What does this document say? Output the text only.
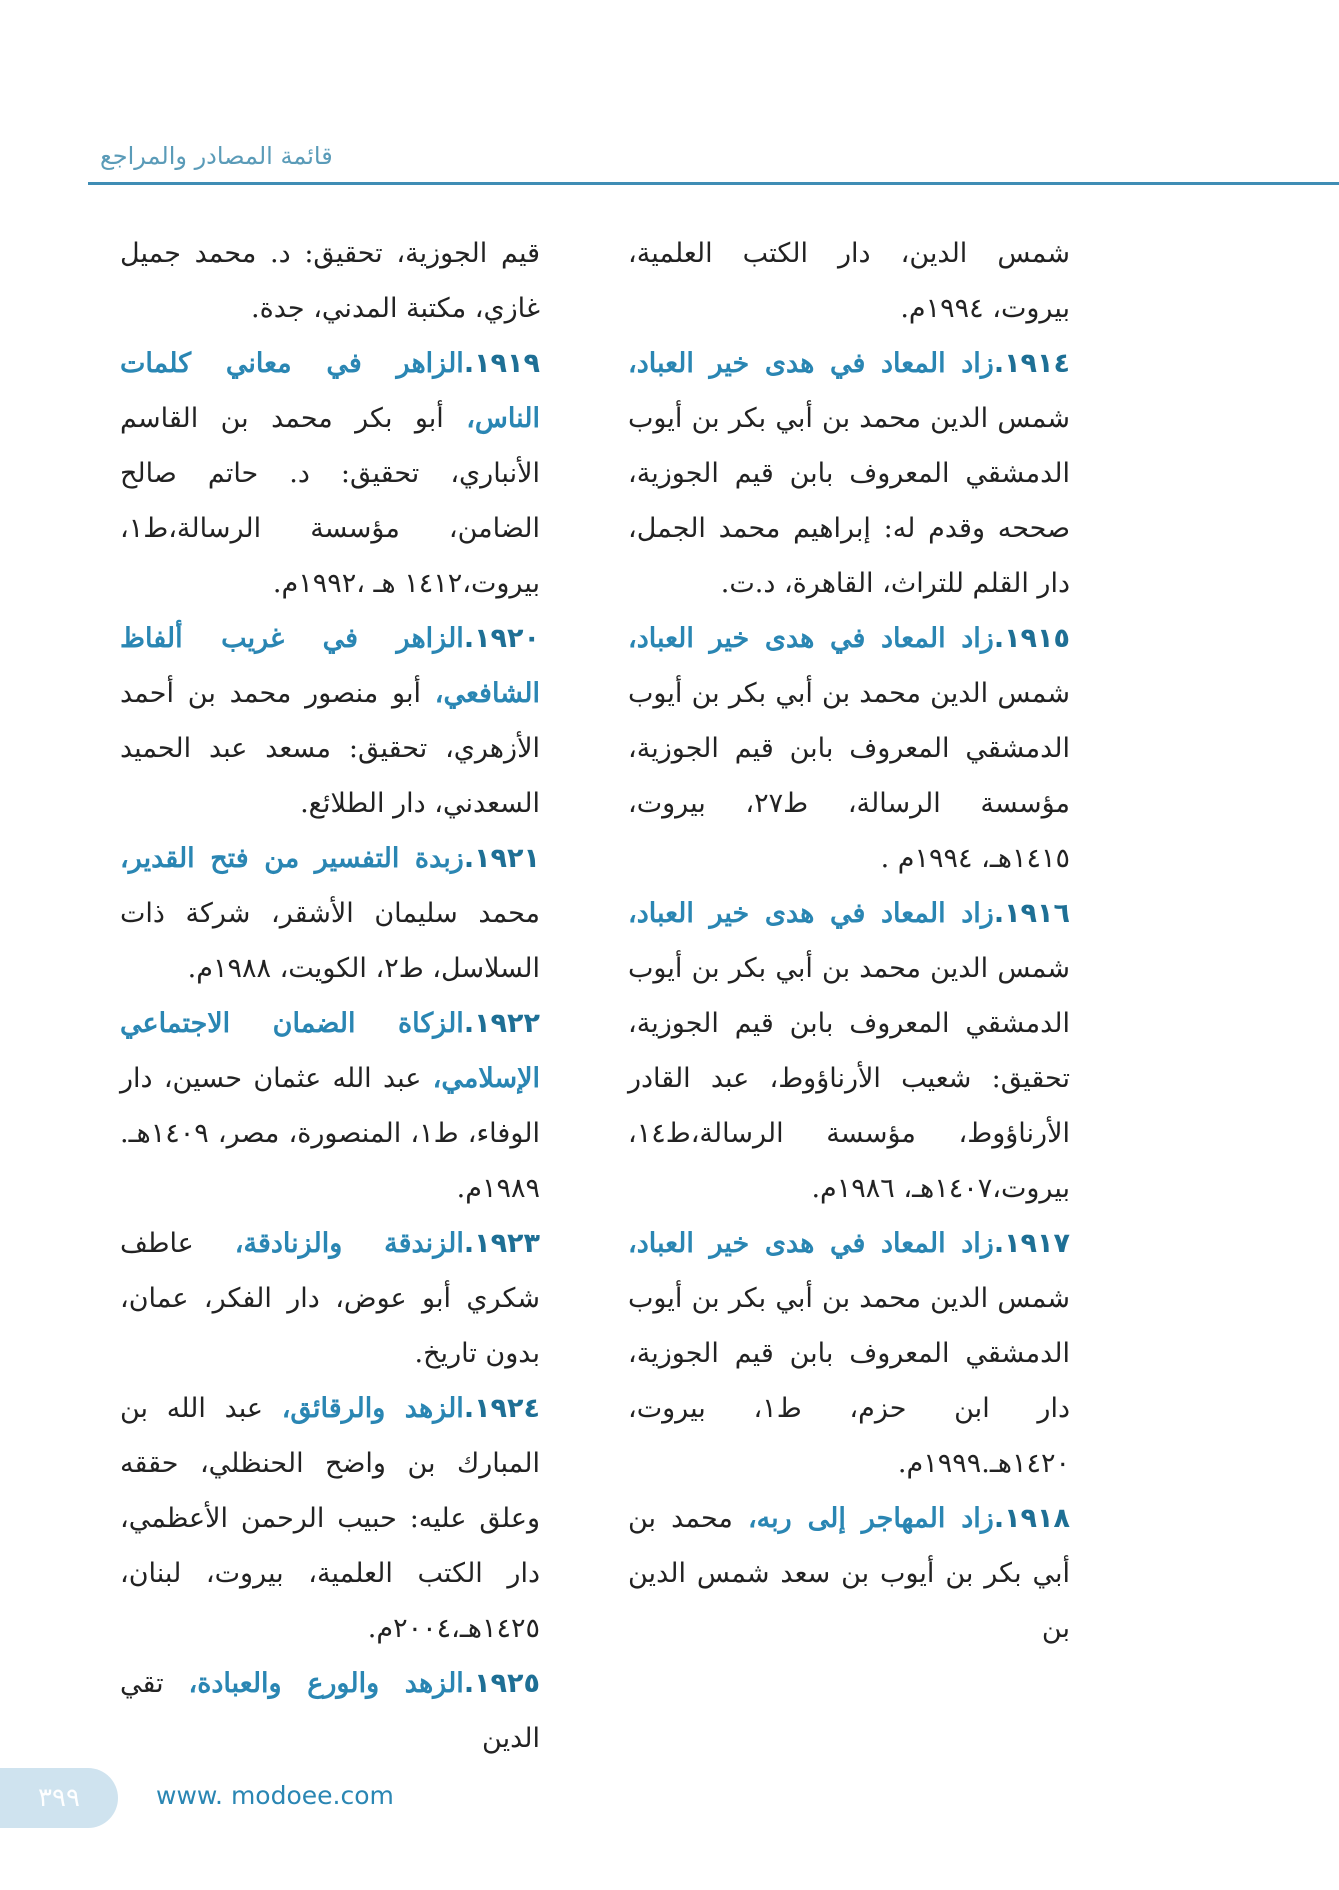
قائمة المصادر والمراجع

شمس الدين، دار الكتب العلمية، بيروت، ١٩٩٤م.

١٩١٤.زاد المعاد في هدى خير العباد، شمس الدين محمد بن أبي بكر بن أيوب الدمشقي المعروف بابن قيم الجوزية، صححه وقدم له: إبراهيم محمد الجمل، دار القلم للتراث، القاهرة، د.ت.

١٩١٥.زاد المعاد في هدى خير العباد، شمس الدين محمد بن أبي بكر بن أيوب الدمشقي المعروف بابن قيم الجوزية، مؤسسة الرسالة، ط٢٧، بيروت، ١٤١٥هـ، ١٩٩٤م .

١٩١٦.زاد المعاد في هدى خير العباد، شمس الدين محمد بن أبي بكر بن أيوب الدمشقي المعروف بابن قيم الجوزية، تحقيق: شعيب الأرناؤوط، عبد القادر الأرناؤوط، مؤسسة الرسالة،ط١٤، بيروت،١٤٠٧هـ، ١٩٨٦م.

١٩١٧.زاد المعاد في هدى خير العباد، شمس الدين محمد بن أبي بكر بن أيوب الدمشقي المعروف بابن قيم الجوزية، دار ابن حزم، ط١، بيروت، ١٤٢٠هـ.١٩٩٩م.

١٩١٨.زاد المهاجر إلى ربه، محمد بن أبي بكر بن أيوب بن سعد شمس الدين بن

قيم الجوزية، تحقيق: د. محمد جميل غازي، مكتبة المدني، جدة.

١٩١٩.الزاهر في معاني كلمات الناس، أبو بكر محمد بن القاسم الأنباري، تحقيق: د. حاتم صالح الضامن، مؤسسة الرسالة،ط١، بيروت،١٤١٢ هـ ،١٩٩٢م.

١٩٢٠.الزاهر في غريب ألفاظ الشافعي، أبو منصور محمد بن أحمد الأزهري، تحقيق: مسعد عبد الحميد السعدني، دار الطلائع.

١٩٢١.زبدة التفسير من فتح القدير، محمد سليمان الأشقر، شركة ذات السلاسل، ط٢، الكويت، ١٩٨٨م.

١٩٢٢.الزكاة الضمان الاجتماعي الإسلامي، عبد الله عثمان حسين، دار الوفاء، ط١، المنصورة، مصر، ١٤٠٩هـ. ١٩٨٩م.

١٩٢٣.الزندقة والزنادقة، عاطف شكري أبو عوض، دار الفكر، عمان، بدون تاريخ.

١٩٢٤.الزهد والرقائق، عبد الله بن المبارك بن واضح الحنظلي، حققه وعلق عليه: حبيب الرحمن الأعظمي، دار الكتب العلمية، بيروت، لبنان، ١٤٢٥هـ،٢٠٠٤م.

١٩٢٥.الزهد والورع والعبادة، تقي الدين

٣٩٩	www. modoee.com
